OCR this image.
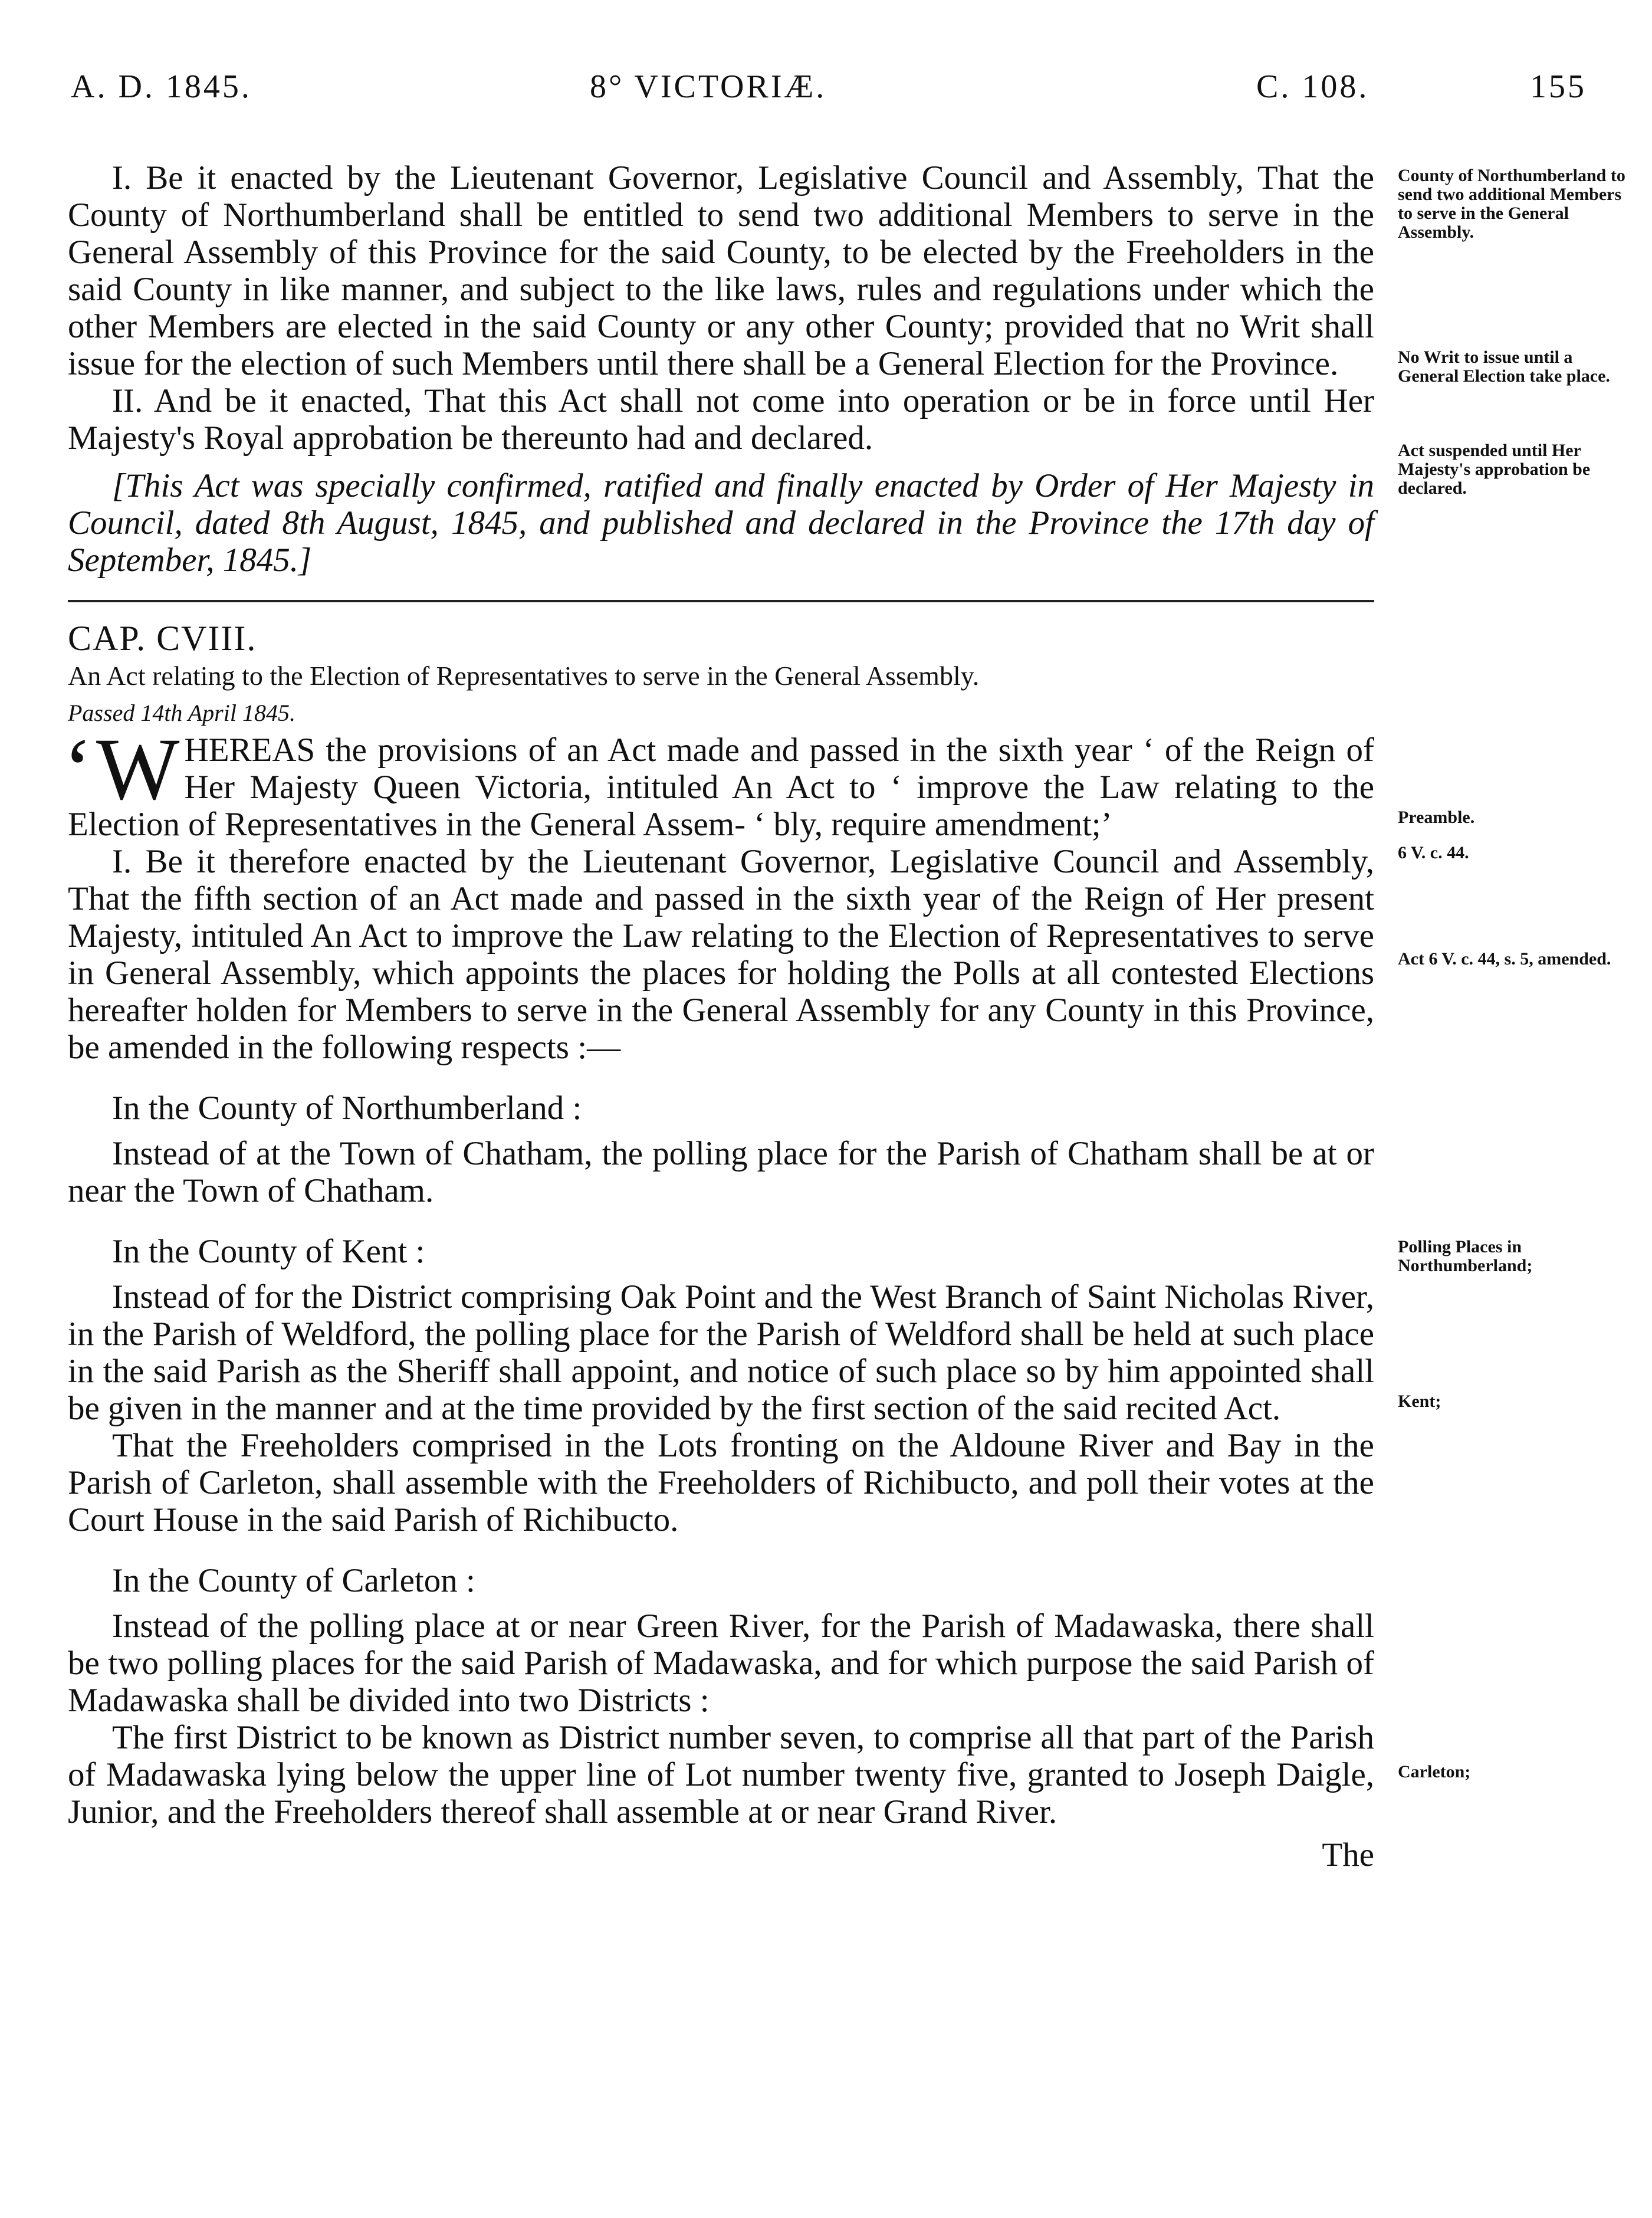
A. D. 1845.	8° VICTORIÆ.	C. 108.	155

I. Be it enacted by the Lieutenant Governor, Legislative Council and Assembly, That the County of Northumberland shall be entitled to send two additional Members to serve in the General Assembly of this Province for the said County, to be elected by the Freeholders in the said County in like manner, and subject to the like laws, rules and regulations under which the other Members are elected in the said County or any other County; provided that no Writ shall issue for the election of such Members until there shall be a General Election for the Province.

II. And be it enacted, That this Act shall not come into operation or be in force until Her Majesty's Royal approbation be thereunto had and declared.

[This Act was specially confirmed, ratified and finally enacted by Order of Her Majesty in Council, dated 8th August, 1845, and published and declared in the Province the 17th day of September, 1845.]

CAP. CVIII.

An Act relating to the Election of Representatives to serve in the General Assembly.

Passed 14th April 1845.

‘W HEREAS the provisions of an Act made and passed in the sixth year ‘ of the Reign of Her Majesty Queen Victoria, intituled An Act to ‘ improve the Law relating to the Election of Representatives in the General Assem- ‘ bly, require amendment;’

I. Be it therefore enacted by the Lieutenant Governor, Legislative Council and Assembly, That the fifth section of an Act made and passed in the sixth year of the Reign of Her present Majesty, intituled An Act to improve the Law relating to the Election of Representatives to serve in General Assembly, which appoints the places for holding the Polls at all contested Elections hereafter holden for Members to serve in the General Assembly for any County in this Province, be amended in the following respects :—

In the County of Northumberland :

Instead of at the Town of Chatham, the polling place for the Parish of Chatham shall be at or near the Town of Chatham.

In the County of Kent :

Instead of for the District comprising Oak Point and the West Branch of Saint Nicholas River, in the Parish of Weldford, the polling place for the Parish of Weldford shall be held at such place in the said Parish as the Sheriff shall appoint, and notice of such place so by him appointed shall be given in the manner and at the time provided by the first section of the said recited Act.

That the Freeholders comprised in the Lots fronting on the Aldoune River and Bay in the Parish of Carleton, shall assemble with the Freeholders of Richibucto, and poll their votes at the Court House in the said Parish of Richibucto.

In the County of Carleton :

Instead of the polling place at or near Green River, for the Parish of Madawaska, there shall be two polling places for the said Parish of Madawaska, and for which purpose the said Parish of Madawaska shall be divided into two Districts :

The first District to be known as District number seven, to comprise all that part of the Parish of Madawaska lying below the upper line of Lot number twenty five, granted to Joseph Daigle, Junior, and the Freeholders thereof shall assemble at or near Grand River.

The

County of Northumberland to send two additional Members to serve in the General Assembly.
No Writ to issue until a General Election take place.
Act suspended until Her Majesty's approbation be declared.
Preamble.
6 V. c. 44.
Act 6 V. c. 44, s. 5, amended.
Polling Places in Northumberland;
Kent;
Carleton;
